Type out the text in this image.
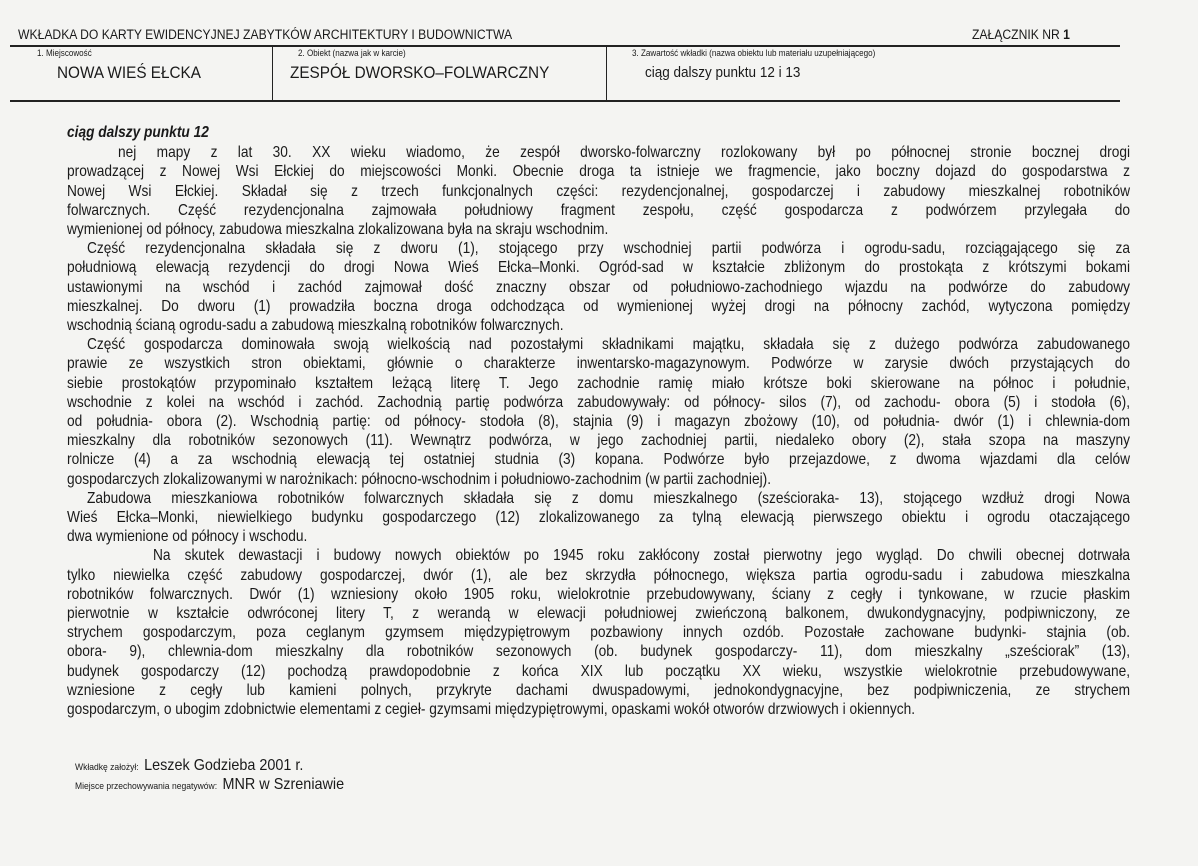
WKŁADKA DO KARTY EWIDENCYJNEJ ZABYTKÓW ARCHITEKTURY I BUDOWNICTWA	ZAŁĄCZNIK NR 1
1. Miejscowość
NOWA WIEŚ EŁCKA
2. Obiekt (nazwa jak w karcie)
ZESPÓŁ DWORSKO–FOLWARCZNY
3. Zawartość wkładki (nazwa obiektu lub materiału uzupełniającego)
ciąg dalszy punktu 12 i 13
ciąg dalszy punktu 12
nej mapy z lat 30. XX wieku wiadomo, że zespół dworsko-folwarczny rozlokowany był po północnej stronie bocznej drogi
prowadzącej z Nowej Wsi Ełckiej do miejscowości Monki. Obecnie droga ta istnieje we fragmencie, jako boczny dojazd do gospodarstwa z
Nowej Wsi Ełckiej. Składał się z trzech funkcjonalnych części: rezydencjonalnej, gospodarczej i zabudowy mieszkalnej robotników
folwarcznych. Część rezydencjonalna zajmowała południowy fragment zespołu, część gospodarcza z podwórzem przylegała do
wymienionej od północy, zabudowa mieszkalna zlokalizowana była na skraju wschodnim.
Część rezydencjonalna składała się z dworu (1), stojącego przy wschodniej partii podwórza i ogrodu-sadu, rozciągającego się za
południową elewacją rezydencji do drogi Nowa Wieś Ełcka–Monki. Ogród-sad w kształcie zbliżonym do prostokąta z krótszymi bokami
ustawionymi na wschód i zachód zajmował dość znaczny obszar od południowo-zachodniego wjazdu na podwórze do zabudowy
mieszkalnej. Do dworu (1) prowadziła boczna droga odchodząca od wymienionej wyżej drogi na północny zachód, wytyczona pomiędzy
wschodnią ścianą ogrodu-sadu a zabudową mieszkalną robotników folwarcznych.
Część gospodarcza dominowała swoją wielkością nad pozostałymi składnikami majątku, składała się z dużego podwórza zabudowanego
prawie ze wszystkich stron obiektami, głównie o charakterze inwentarsko-magazynowym. Podwórze w zarysie dwóch przystających do
siebie prostokątów przypominało kształtem leżącą literę T. Jego zachodnie ramię miało krótsze boki skierowane na północ i południe,
wschodnie z kolei na wschód i zachód. Zachodnią partię podwórza zabudowywały: od północy- silos (7), od zachodu- obora (5) i stodoła (6),
od południa- obora (2). Wschodnią partię: od północy- stodoła (8), stajnia (9) i magazyn zbożowy (10), od południa- dwór (1) i chlewnia-dom
mieszkalny dla robotników sezonowych (11). Wewnątrz podwórza, w jego zachodniej partii, niedaleko obory (2), stała szopa na maszyny
rolnicze (4) a za wschodnią elewacją tej ostatniej studnia (3) kopana. Podwórze było przejazdowe, z dwoma wjazdami dla celów
gospodarczych zlokalizowanymi w narożnikach: północno-wschodnim i południowo-zachodnim (w partii zachodniej).
Zabudowa mieszkaniowa robotników folwarcznych składała się z domu mieszkalnego (sześcioraka- 13), stojącego wzdłuż drogi Nowa
Wieś Ełcka–Monki, niewielkiego budynku gospodarczego (12) zlokalizowanego za tylną elewacją pierwszego obiektu i ogrodu otaczającego
dwa wymienione od północy i wschodu.
Na skutek dewastacji i budowy nowych obiektów po 1945 roku zakłócony został pierwotny jego wygląd. Do chwili obecnej dotrwała
tylko niewielka część zabudowy gospodarczej, dwór (1), ale bez skrzydła północnego, większa partia ogrodu-sadu i zabudowa mieszkalna
robotników folwarcznych. Dwór (1) wzniesiony około 1905 roku, wielokrotnie przebudowywany, ściany z cegły i tynkowane, w rzucie płaskim
pierwotnie w kształcie odwróconej litery T, z werandą w elewacji południowej zwieńczoną balkonem, dwukondygnacyjny, podpiwniczony, ze
strychem gospodarczym, poza ceglanym gzymsem międzypiętrowym pozbawiony innych ozdób. Pozostałe zachowane budynki- stajnia (ob.
obora- 9), chlewnia-dom mieszkalny dla robotników sezonowych (ob. budynek gospodarczy- 11), dom mieszkalny „sześciorak” (13),
budynek gospodarczy (12) pochodzą prawdopodobnie z końca XIX lub początku XX wieku, wszystkie wielokrotnie przebudowywane,
wzniesione z cegły lub kamieni polnych, przykryte dachami dwuspadowymi, jednokondygnacyjne, bez podpiwniczenia, ze strychem
gospodarczym, o ubogim zdobnictwie elementami z cegieł- gzymsami międzypiętrowymi, opaskami wokół otworów drzwiowych i okiennych.
Wkładkę założył: Leszek Godzieba 2001 r.
Miejsce przechowywania negatywów: MNR w Szreniawie
